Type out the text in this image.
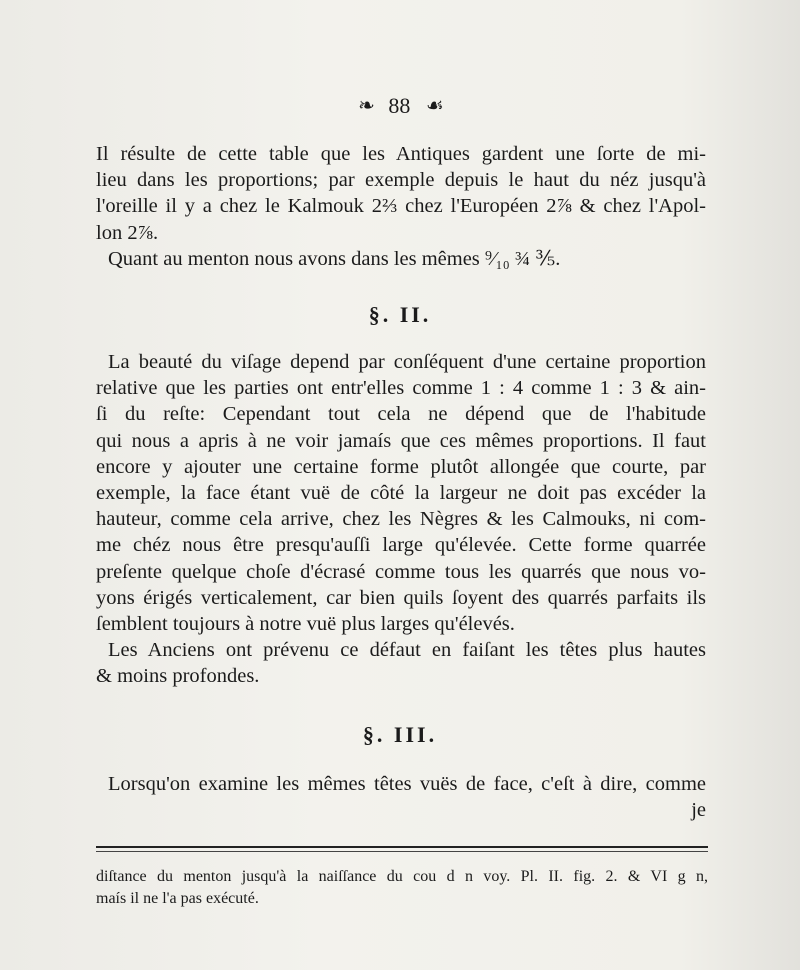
❧ 88 ☙
Il résulte de cette table que les Antiques gardent une ſorte de mi-
lieu dans les proportions; par exemple depuis le haut du néz jusqu'à
l'oreille il y a chez le Kalmouk 2⅔ chez l'Européen 2⅞ & chez l'Apol-
lon 2⅞.
Quant au menton nous avons dans les mêmes ⁹⁄₁₀ ¾ ⅗.
§. II.
La beauté du viſage depend par conſéquent d'une certaine proportion
relative que les parties ont entr'elles comme 1 : 4 comme 1 : 3 & ain-
ſi du reſte: Cependant tout cela ne dépend que de l'habitude
qui nous a apris à ne voir jamaís que ces mêmes proportions. Il faut
encore y ajouter une certaine forme plutôt allongée que courte, par
exemple, la face étant vuë de côté la largeur ne doit pas excéder la
hauteur, comme cela arrive, chez les Nègres & les Calmouks, ni com-
me chéz nous être presqu'auſſi large qu'élevée. Cette forme quarrée
preſente quelque choſe d'écrasé comme tous les quarrés que nous vo-
yons érigés verticalement, car bien quils ſoyent des quarrés parfaits ils
ſemblent toujours à notre vuë plus larges qu'élevés.
Les Anciens ont prévenu ce défaut en faiſant les têtes plus hautes
& moins profondes.
§. III.
Lorsqu'on examine les mêmes têtes vuës de face, c'eſt à dire, comme
je
diſtance du menton jusqu'à la naiſſance du cou d n voy. Pl. II. fig. 2. & VI g n,
maís il ne l'a pas exécuté.
